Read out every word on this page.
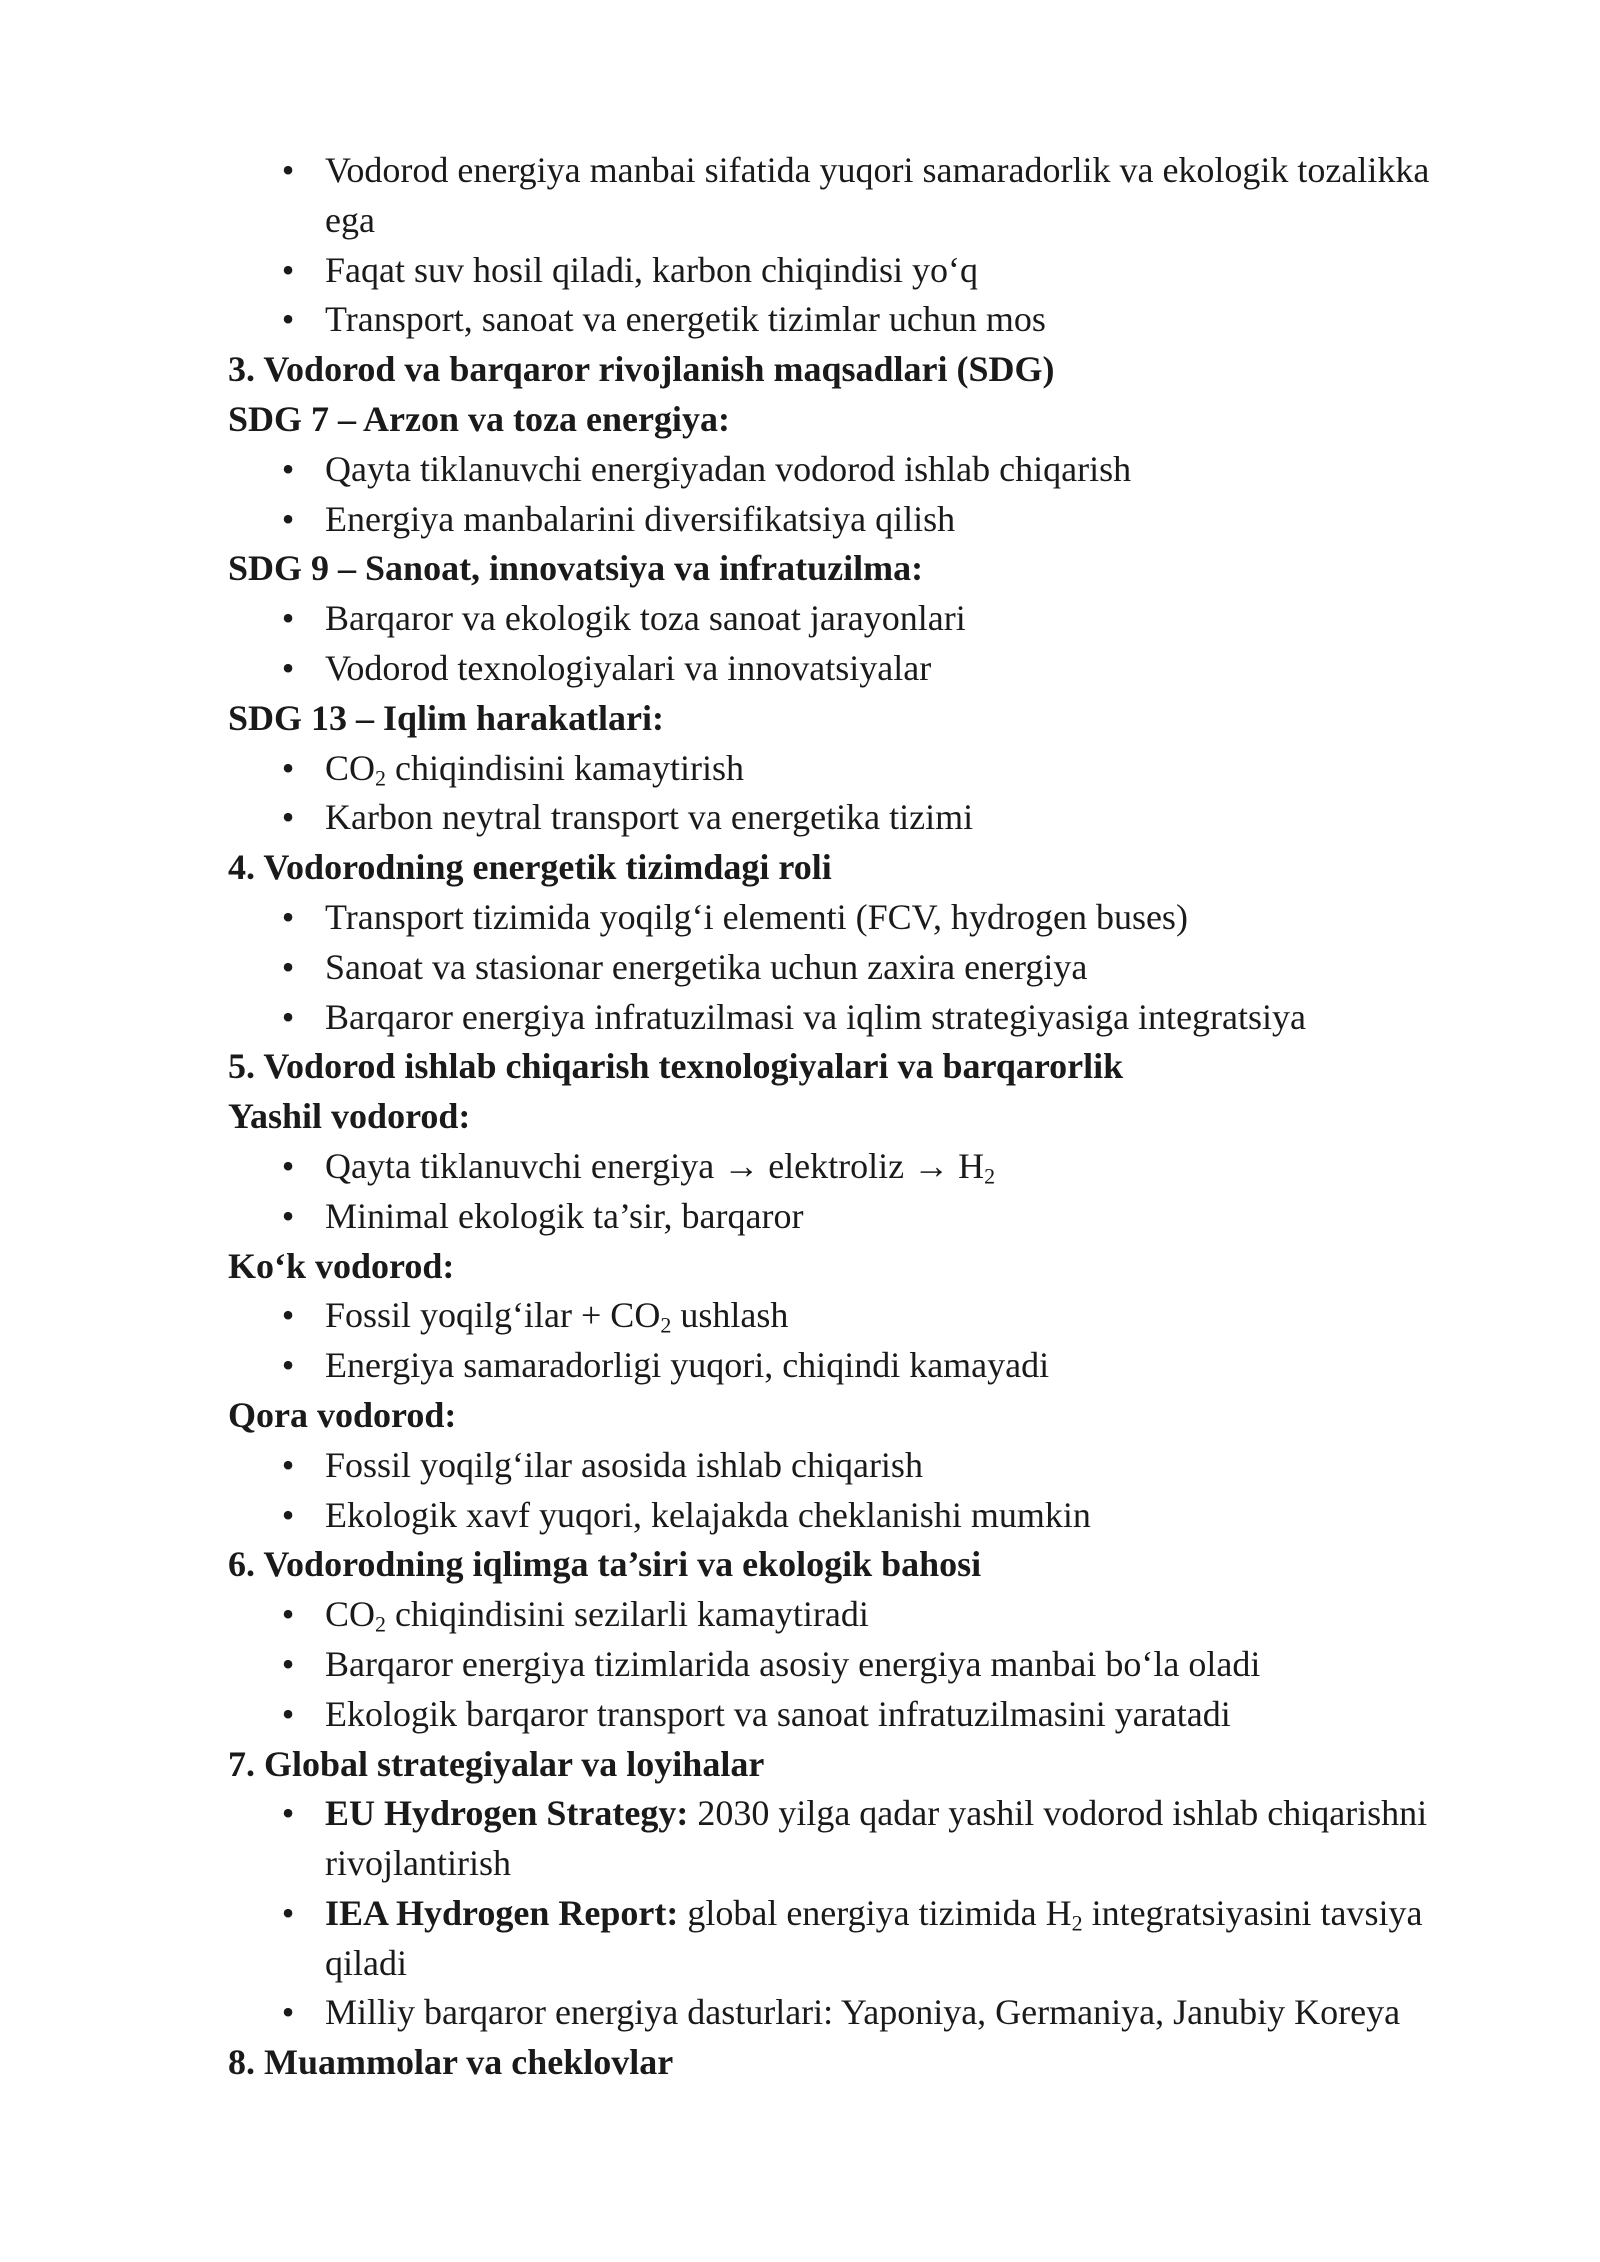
• Vodorod energiya manbai sifatida yuqori samaradorlik va ekologik tozalikka ega
• Faqat suv hosil qiladi, karbon chiqindisi yo‘q
• Transport, sanoat va energetik tizimlar uchun mos

3. Vodorod va barqaror rivojlanish maqsadlari (SDG)

SDG 7 – Arzon va toza energiya:

• Qayta tiklanuvchi energiyadan vodorod ishlab chiqarish
• Energiya manbalarini diversifikatsiya qilish

SDG 9 – Sanoat, innovatsiya va infratuzilma:

• Barqaror va ekologik toza sanoat jarayonlari
• Vodorod texnologiyalari va innovatsiyalar

SDG 13 – Iqlim harakatlari:

• $CO_2$ chiqindisini kamaytirish
• Karbon neytral transport va energetika tizimi

4. Vodorodning energetik tizimdagi roli

• Transport tizimida yoqilg‘i elementi (FCV, hydrogen buses)
• Sanoat va stasionar energetika uchun zaxira energiya
• Barqaror energiya infratuzilmasi va iqlim strategiyasiga integratsiya

5. Vodorod ishlab chiqarish texnologiyalari va barqarorlik

Yashil vodorod:

• Qayta tiklanuvchi energiya → elektroliz → $H_2$
• Minimal ekologik ta’sir, barqaror

Ko‘k vodorod:

• Fossil yoqilg‘ilar + $CO_2$ ushlash
• Energiya samaradorligi yuqori, chiqindi kamayadi

Qora vodorod:

• Fossil yoqilg‘ilar asosida ishlab chiqarish
• Ekologik xavf yuqori, kelajakda cheklanishi mumkin

6. Vodorodning iqlimga ta’siri va ekologik bahosi

• $CO_2$ chiqindisini sezilarli kamaytiradi
• Barqaror energiya tizimlarida asosiy energiya manbai bo‘la oladi
• Ekologik barqaror transport va sanoat infratuzilmasini yaratadi

7. Global strategiyalar va loyihalar

• EU Hydrogen Strategy: 2030 yilga qadar yashil vodorod ishlab chiqarishni rivojlantirish
• IEA Hydrogen Report: global energiya tizimida $H_2$ integratsiyasini tavsiya qiladi
• Milliy barqaror energiya dasturlari: Yaponiya, Germaniya, Janubiy Koreya

8. Muammolar va cheklovlar
